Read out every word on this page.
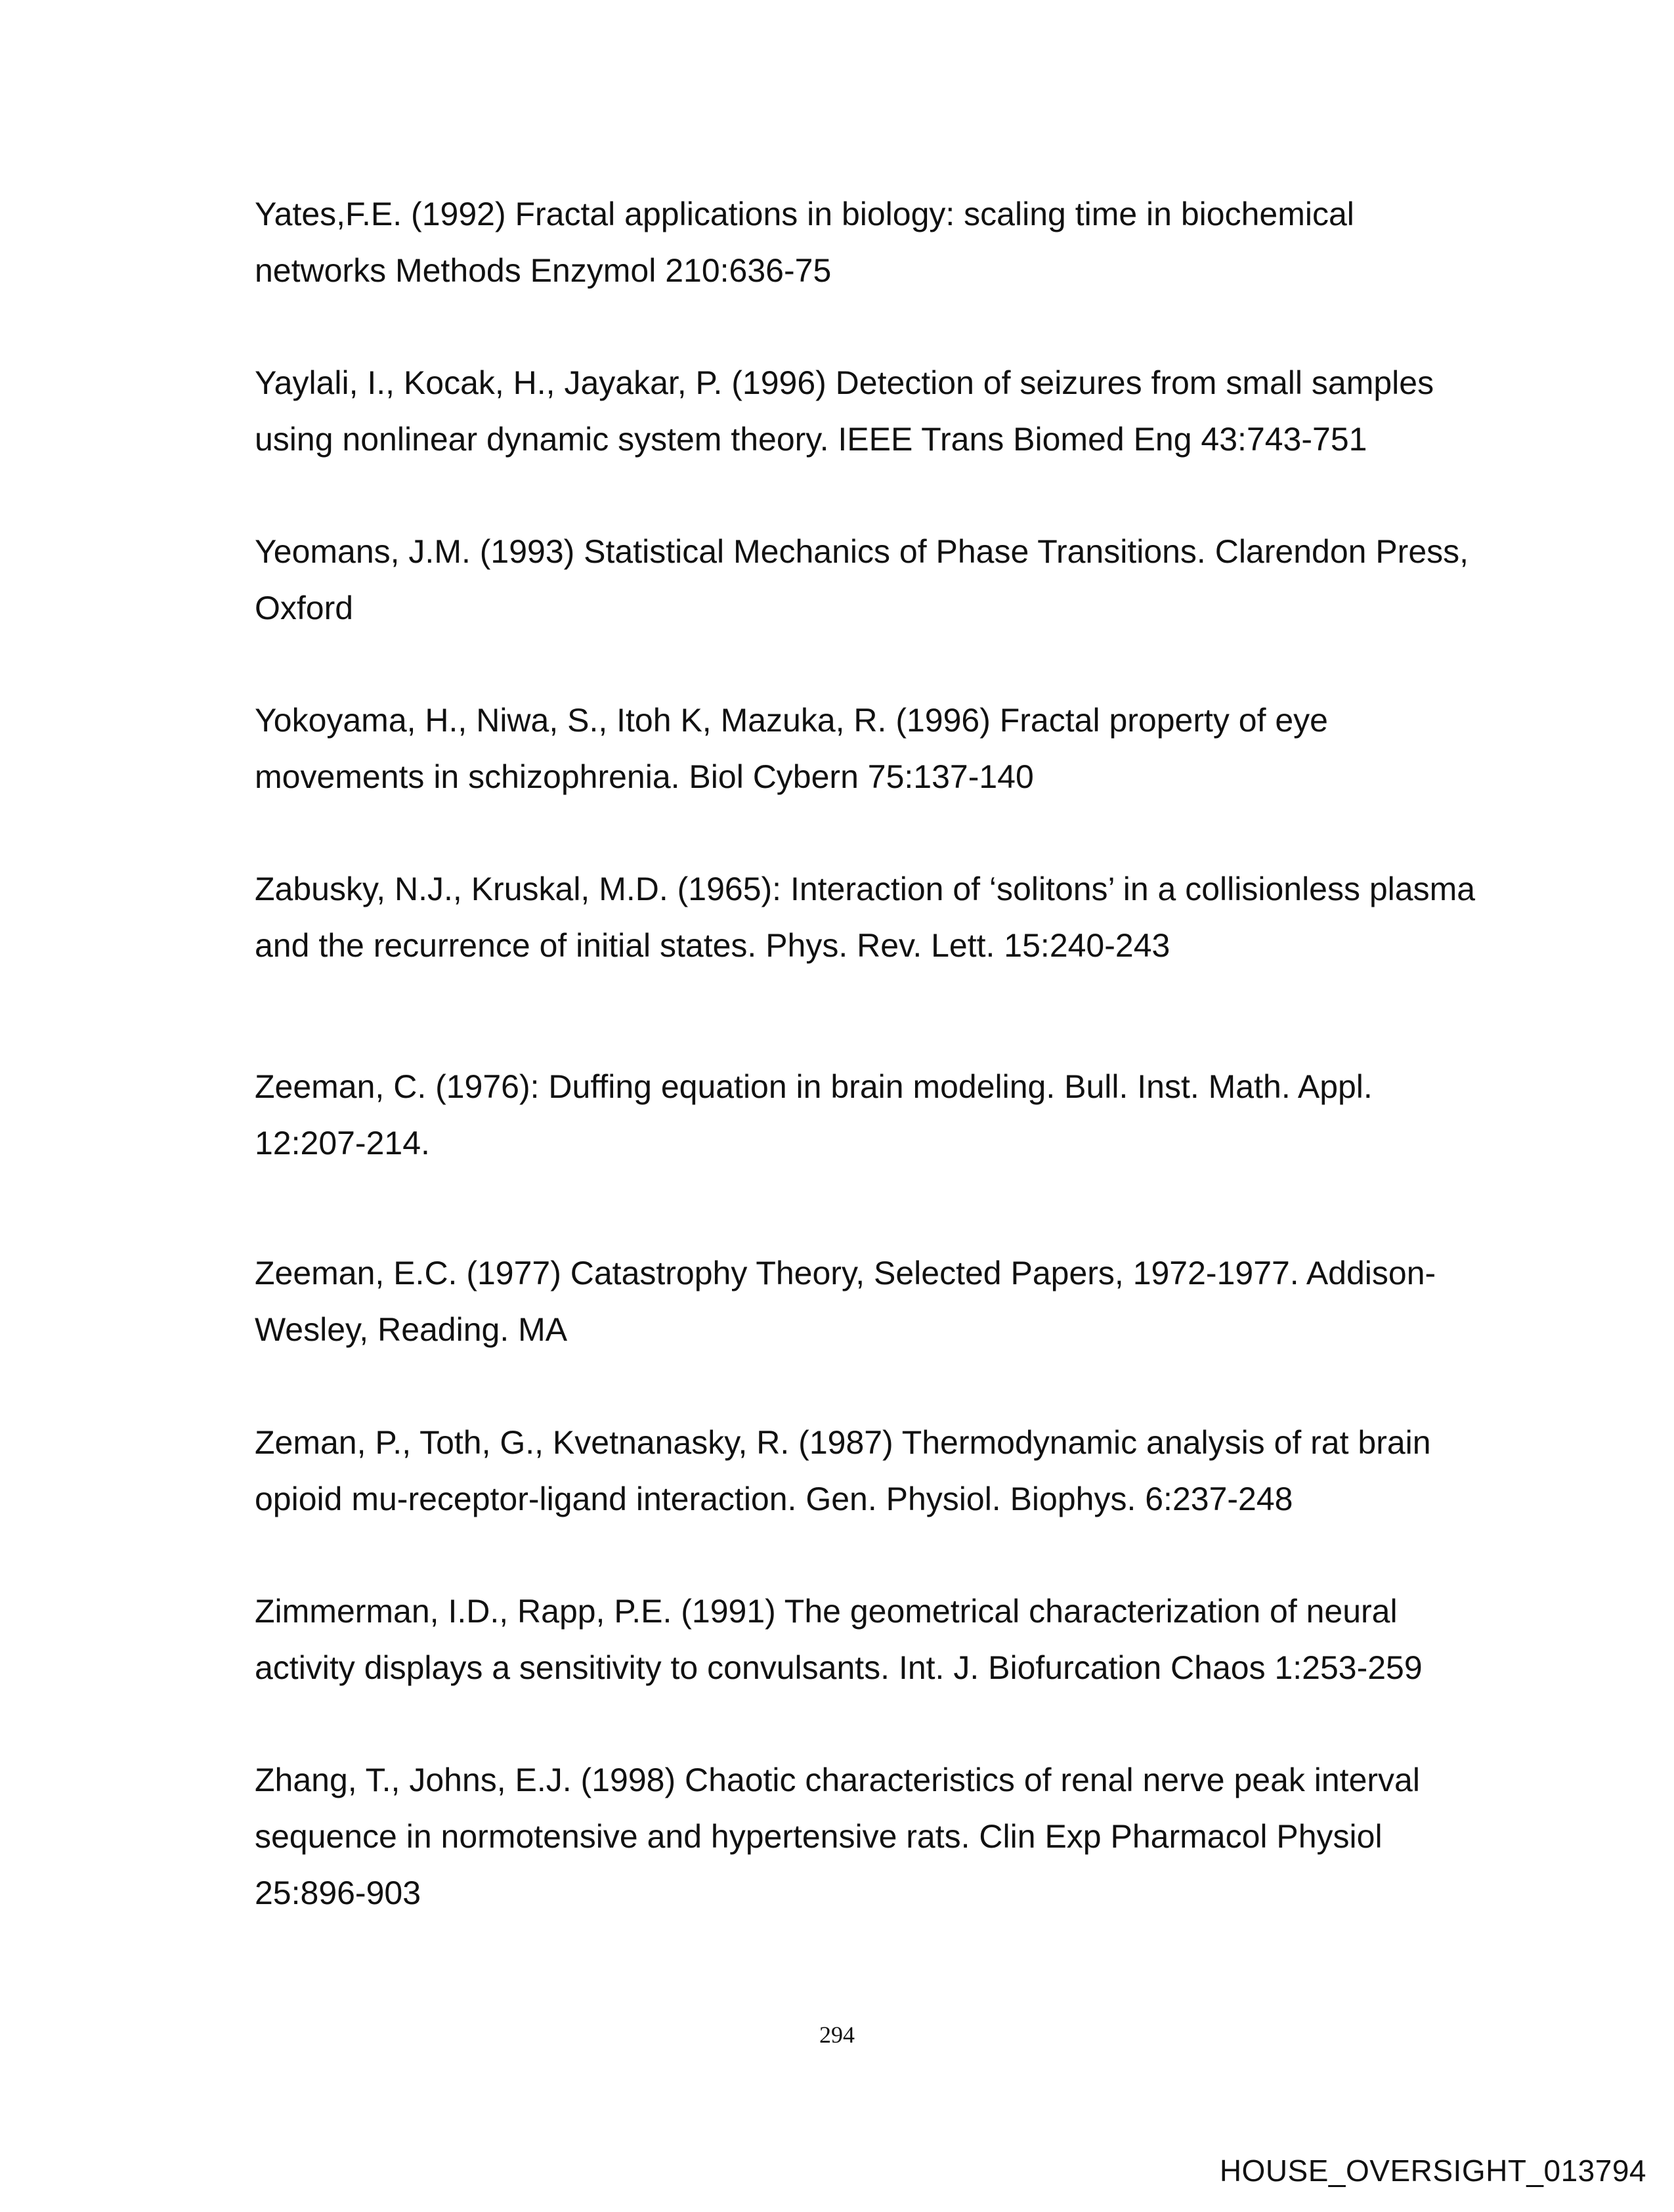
Yates,F.E. (1992) Fractal applications in biology: scaling time in biochemical networks Methods Enzymol 210:636-75

Yaylali, I., Kocak, H., Jayakar, P. (1996) Detection of seizures from small samples using nonlinear dynamic system theory. IEEE Trans Biomed Eng 43:743-751

Yeomans, J.M. (1993) Statistical Mechanics of Phase Transitions. Clarendon Press, Oxford

Yokoyama, H., Niwa, S., Itoh K, Mazuka, R. (1996) Fractal property of eye movements in schizophrenia. Biol Cybern 75:137-140

Zabusky, N.J., Kruskal, M.D. (1965): Interaction of ‘solitons’ in a collisionless plasma and the recurrence of initial states. Phys. Rev. Lett. 15:240-243

Zeeman, C. (1976): Duffing equation in brain modeling. Bull. Inst. Math. Appl. 12:207-214.

Zeeman, E.C. (1977) Catastrophy Theory, Selected Papers, 1972-1977. Addison-Wesley, Reading. MA

Zeman, P., Toth, G., Kvetnanasky, R. (1987) Thermodynamic analysis of rat brain opioid mu-receptor-ligand interaction. Gen. Physiol. Biophys. 6:237-248

Zimmerman, I.D., Rapp, P.E. (1991) The geometrical characterization of neural activity displays a sensitivity to convulsants. Int. J. Biofurcation Chaos 1:253-259

Zhang, T., Johns, E.J. (1998) Chaotic characteristics of renal nerve peak interval sequence in normotensive and hypertensive rats. Clin Exp Pharmacol Physiol 25:896-903

294
HOUSE_OVERSIGHT_013794
